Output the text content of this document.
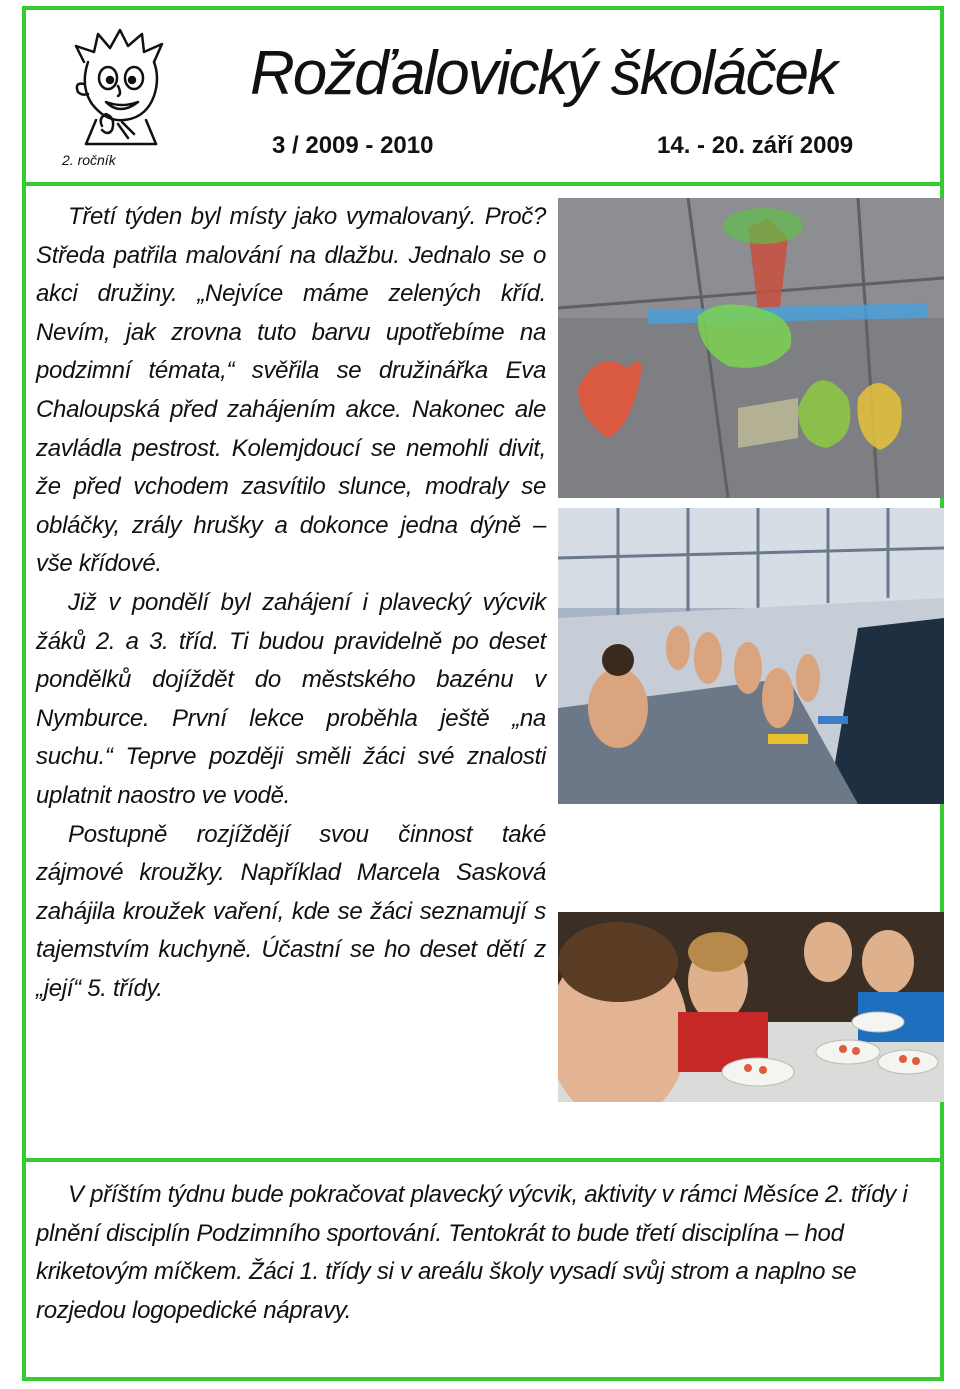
Rožďalovický školáček
3 / 2009 - 2010	14. - 20. září 2009
2. ročník

Třetí týden byl místy jako vymalovaný. Proč? Středa patřila malování na dlažbu. Jednalo se o akci družiny. „Nejvíce máme zelených kříd. Nevím, jak zrovna tuto barvu upotřebíme na podzimní témata,“ svěřila se družinářka Eva Chaloupská před zahájením akce. Nakonec ale zavládla pestrost. Kolemjdoucí se nemohli divit, že před vchodem zasvítilo slunce, modraly se obláčky, zrály hrušky a dokonce jedna dýně – vše křídové.

Již v pondělí byl zahájení i plavecký výcvik žáků 2. a 3. tříd. Ti budou pravidelně po deset pondělků dojíždět do městského bazénu v Nymburce. První lekce proběhla ještě „na suchu.“ Teprve později směli žáci své znalosti uplatnit naostro ve vodě.

Postupně rozjíždějí svou činnost také zájmové kroužky. Například Marcela Sasková zahájila kroužek vaření, kde se žáci seznamují s tajemstvím kuchyně. Účastní se ho deset dětí z „její“ 5. třídy.

V příštím týdnu bude pokračovat plavecký výcvik, aktivity v rámci Měsíce 2. třídy i plnění disciplín Podzimního sportování. Tentokrát to bude třetí disciplína – hod kriketovým míčkem. Žáci 1. třídy si v areálu školy vysadí svůj strom a naplno se rozjedou logopedické nápravy.
